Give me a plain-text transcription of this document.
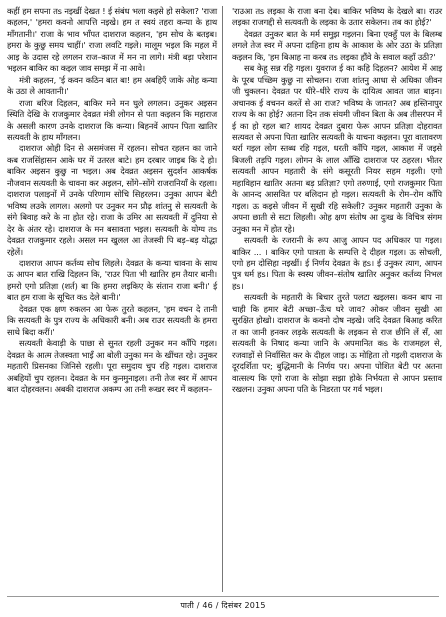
कहीं हम सपना तs नइखीं देखत ! ई संबंध भला कइसे हो सकेला? 'राजा कहलन,' 'हमरा कवनो आपत्ति नइखे। हम त स्वयं तहरा कन्या के हाथ माँगतानी।' राजा के भाव भाँपत दाशराज कहलन, 'हम सोच के बतइब। हमरा के कुछु समय चाहीं।' राजा लवटि गइले। मालूम भइल कि महल में आइ के उदास रहे लगलन राज–काज में मन ना लागे। मंत्री बड़ा परेशान भइलन बाकिर का कइल जाव समझ में ना आवे।

मंत्री कहलन, 'ई कवन कठिन बात बा! हम अबहिएँ जाके ओह कन्या के उठा ले आवतानी।'

राजा बरिज दिहलन, बाकिर मने मन घुले लगलन। उनुकर अइसन स्थिति देखि के राजकुमार देवव्रत मंत्री लोगन से पता कइलन कि महाराज के असली कारण उनके दाशराज कि कन्या। बिहनवें आपन पिता खातिर सत्यवती के हाथ माँगलन।

दाशराज ओही दिन से असमंजस में रहलन। सोचत रहलन का जाने कब राजसिंहासन आके घर में उतरल बाटे। हम दरबार जाइब कि दे हो। बाकिर अइसन कुछु ना भइल। अब देवव्रत अइसन सुदर्शन आकर्षक नौजवान सत्यवती के चावना कर अइलन, सोंगे–सोंगे राजरानियाँ के रहला। दाशराज पलाइनों में उनके परिणाम सोचि सिहरलन। उनुका आपन बेटी भविष्य लउके लागल। अलगो पर उनुकर मन प्रौढ़ शांतनु से सत्यवती के संगे बिवाह करे के ना होत रहे। राजा के उमिर आ सत्यवती में दुनिया से देर के अंतर रहे। दाशराज के मन बसावता भइल। सत्यवती के योग्य तs देवव्रत राजकुमार रहले। असल मन खुलल आ तेजस्वी पि बड़–बड़ योद्धा रहेलें।

दाशराज आपन कर्तव्य सोच लिहले। देवव्रत के कन्या चावना के साथ ऊ आपन बात राखि दिहलन कि, 'राउर पिता भी खातिर हम तैयार बानी। हमरो एगो प्रतिज्ञा (शर्त) बा कि हमरा लइकिए के संतान राजा बनी।' ई बात हम राजा के सूचित कs देले बानी।'

देवव्रत एक क्षण रुकलन आ फेरू तुरते कहलन, 'हम वचन दे तानी कि सत्यवती के पुत्र राज्य के अधिकारी बनी। अब राउर सत्यवती के हमरा साथे बिदा करीं।'

सत्यवती केवाड़ी के पाछा से सुनत रहली उनुकर मन काँपि गइल। देवव्रत के आत्म तेजस्वता भाइँ आ बोली उनुका मन के खींचत रहे। उनुकर महतारी प्रिसनका जिनिसे रहली। पूरा समुदाय चुप रहि गइल। दाशराज अबहियों चुप रहलन। देवव्रत के मन कुनमुनाइल। तनी तेज स्वर में आपन बात दोहरवलन। अबकी दाशराज अकम्प आ तनी रूखर स्वर में कहलन–

'राउआ तs लइका के राजा बना देब। बाकिर भविष्य के देखले बा। राउर लइका राजगद्दी से सत्यवती के लइका के उतार सकेलन। तब का होई?'

देवव्रत उनुकर बात के मर्म समुझ गइलन। बिना एक्हुँ पल के बिलम्ब लगले तेज स्वर में अपना दाहिना हाथ के आकाश के ओर उठा के प्रतिज्ञा कइलन कि, 'हम बिआह ना करब तs लइका हौंवे के सवाल कहाँ उठी?'

सब केहू सन्न रहि गइल। युवराज ई का कहि दिहलन? आयेश में आइ के पूरब पच्छिम कुछु ना सोचलन। राजा शांतनु आधा से अधिका जीवन जी चुकलन। देवव्रत पर धीरे–धीरे राज्य के दायित्व आवत जात बाड़न। अचानक ई वचनन करतें से आ राज? भविष्य के जानत? अब हस्तिनापुर राज्य के का होई? अतना दिन तक संयमी जीवन बिता के अब तीसरपन में ई का हो रहल बा? शायद देवव्रत दुबारा फेरू आपन प्रतिज्ञा दोहरावत सत्यवत से अपना पिता खातिर सत्यवती के याचना कइलन। पूरा वातावरण थर्रा गइल लोग स्तब्ध रहि गइल, धरती काँपि गइल, आकाश में जइसे बिजली तड़पि गइल। लोगन के लाल आँखि दाशराज पर ठहरल। भीतर सत्यवती आपन महतारी के संगे कसूरती नियर सहम गइली। एगो महाविहान खातिर अतना बड़ प्रतिज्ञा? एगो तरुणाई, एगो राजकुमार पिता के आनन्द आसवित पर बलिदान हो गइल। सत्यवती के रोम–रोम काँपि गइल। ऊ कइसे जीवन में सुखी रहि सकेली? उनुकर महतारी उनुका के अपना छाती से सटा लिहली। ओह क्षण संतोष आ दुःख के विचित्र संगम उनुका मन में होत रहे।

सत्यवती के रजरानी के रूप आजु आपन पद अधिकार पा गइल। बाकिर ... । बाकिर एगो पात्रता के सम्पत्ति दे दीहल गइल। ऊ सोचली, एगो हम दोसिहा नइखीं। ई निर्णय देवव्रत के हs। ई उनुकर त्याग, आपन पुत्र धर्म हs। पिता के स्वस्थ जीवन–संतोष खातिर अनुकर कर्तव्य निभल हs।

सत्यवती के महतारी के बिचार तुरते पलटा खइलस। कवन बाप ना चाही कि हमार बेटी अच्छा–ऊँच घरे जाव? ओकर जीवन सुखी आ सुरक्षित होखो। दाशराज के कवनो दोष नइखे। जदि देवव्रत बिआह करित त का जानी हनकर लड़के सत्यवती के लइकन से राज छीनि लें सँ, आ सत्यवती के निषाद कन्या जानि के अपमानित कs के राजमहल से, रजवाड़ों से निर्वासित कर के दीहल जाइ। ऊ मोहिता तो गइली दाशराज के दूरदर्शिता पर; बुद्धिमानी के निर्णय पर। अपना पोशित बेटी पर अतना वात्सल्य कि एगो राजा के सोझा सझा होके निर्भयता से आपन प्रस्ताव रखलन। उनुका अपना पति के निडरता पर गर्व भइल।

पाती / 46 / दिसंबर 2015
